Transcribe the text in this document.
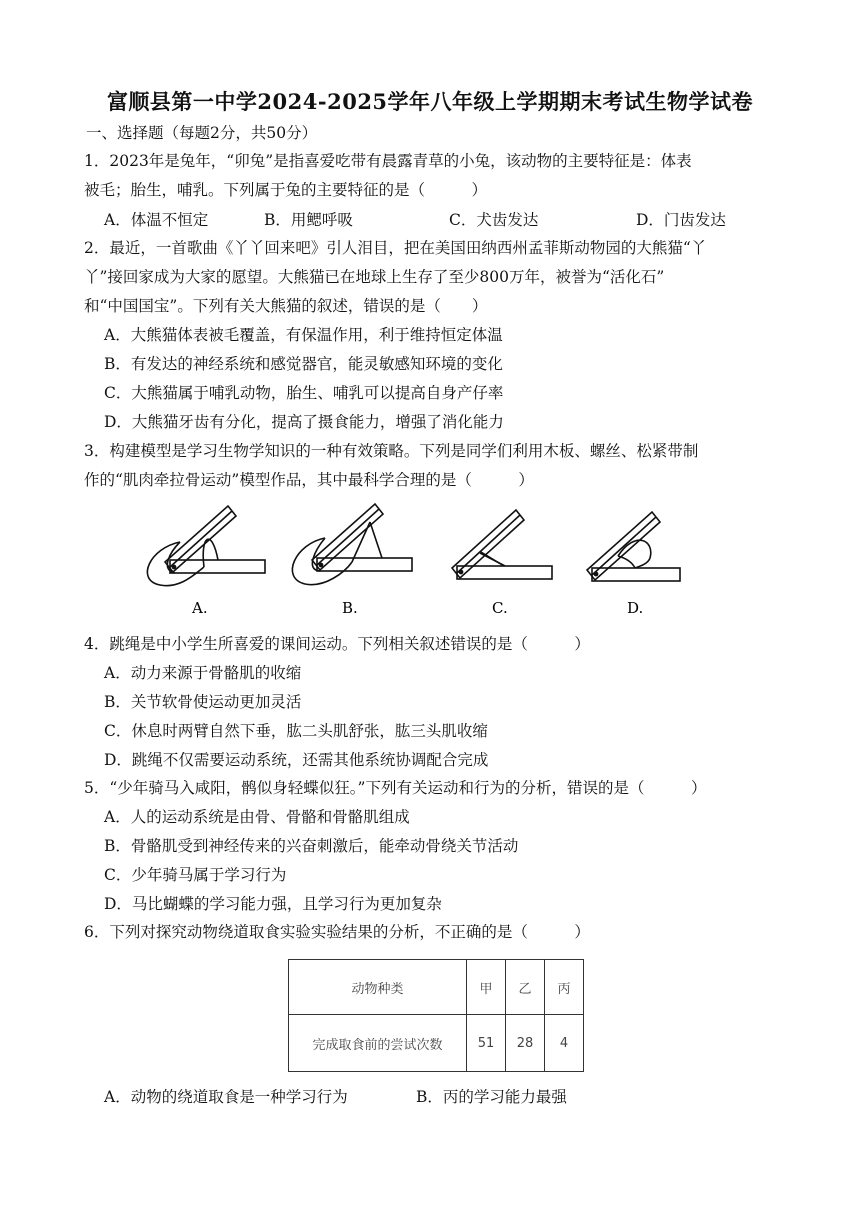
富顺县第一中学2024-2025学年八年级上学期期末考试生物学试卷
一、选择题（每题2分，共50分）
1．2023年是兔年，“卯兔”是指喜爱吃带有晨露青草的小兔，该动物的主要特征是：体表
被毛；胎生，哺乳。下列属于兔的主要特征的是（　　　）
A．体温不恒定	B．用鳃呼吸	C．犬齿发达	D．门齿发达
2．最近，一首歌曲《丫丫回来吧》引人泪目，把在美国田纳西州孟菲斯动物园的大熊猫“丫
丫”接回家成为大家的愿望。大熊猫已在地球上生存了至少800万年，被誉为“活化石”
和“中国国宝”。下列有关大熊猫的叙述，错误的是（　　）
A．大熊猫体表被毛覆盖，有保温作用，利于维持恒定体温
B．有发达的神经系统和感觉器官，能灵敏感知环境的变化
C．大熊猫属于哺乳动物，胎生、哺乳可以提高自身产仔率
D．大熊猫牙齿有分化，提高了摄食能力，增强了消化能力
3．构建模型是学习生物学知识的一种有效策略。下列是同学们利用木板、螺丝、松紧带制
作的“肌肉牵拉骨运动”模型作品，其中最科学合理的是（　　　）
A.	B.	C.	D.
4．跳绳是中小学生所喜爱的课间运动。下列相关叙述错误的是（　　　）
A．动力来源于骨骼肌的收缩
B．关节软骨使运动更加灵活
C．休息时两臂自然下垂，肱二头肌舒张，肱三头肌收缩
D．跳绳不仅需要运动系统，还需其他系统协调配合完成
5．“少年骑马入咸阳，鹘似身轻蝶似狂。”下列有关运动和行为的分析，错误的是（　　　）
A．人的运动系统是由骨、骨骼和骨骼肌组成
B．骨骼肌受到神经传来的兴奋刺激后，能牵动骨绕关节活动
C．少年骑马属于学习行为
D．马比蝴蝶的学习能力强，且学习行为更加复杂
6．下列对探究动物绕道取食实验实验结果的分析，不正确的是（　　　）
动物种类	甲	乙	丙
完成取食前的尝试次数	51	28	4
A．动物的绕道取食是一种学习行为	B．丙的学习能力最强
